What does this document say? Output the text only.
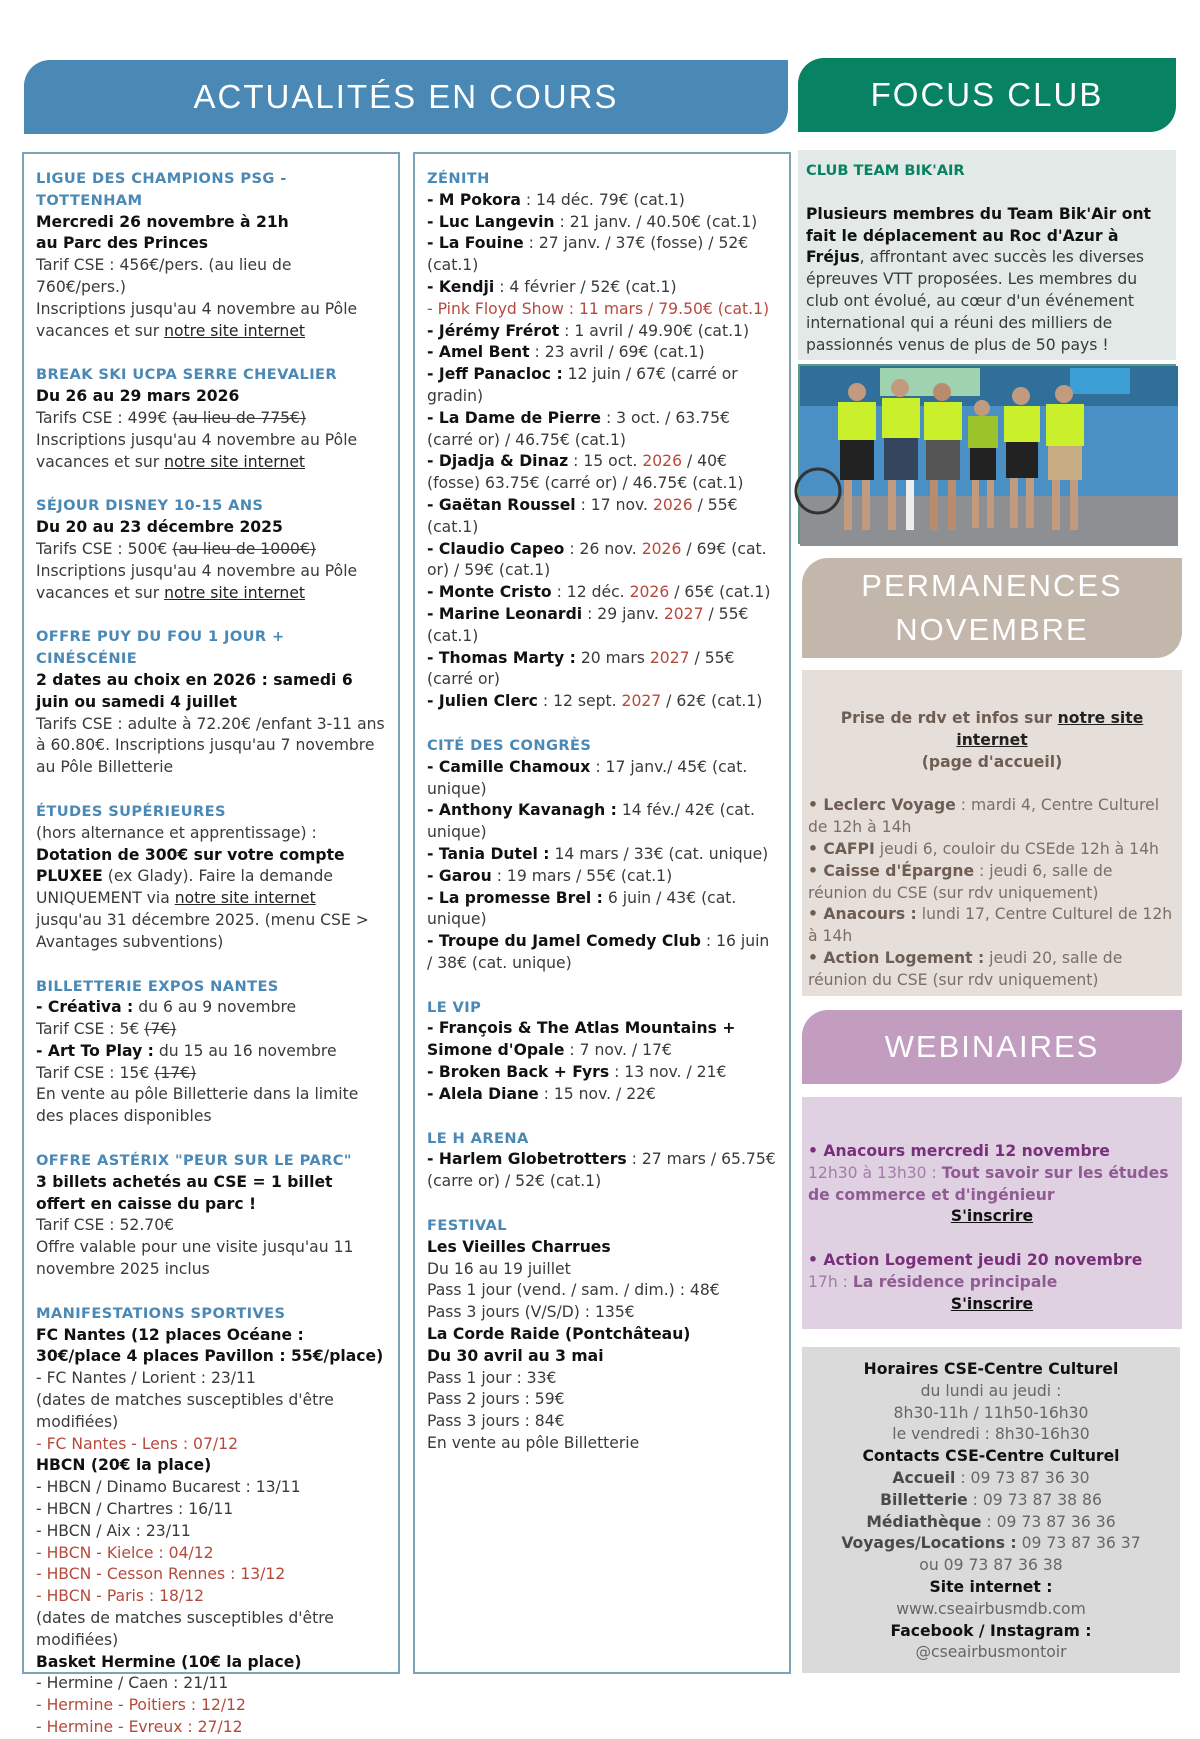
ACTUALITÉS EN COURS	FOCUS CLUB
LIGUE DES CHAMPIONS PSG - TOTTENHAM
Mercredi 26 novembre à 21h
au Parc des Princes
Tarif CSE : 456€/pers. (au lieu de 760€/pers.)
Inscriptions jusqu'au 4 novembre au Pôle vacances et sur notre site internet
BREAK SKI UCPA SERRE CHEVALIER
Du 26 au 29 mars 2026
Tarifs CSE : 499€ (au lieu de 775€)
Inscriptions jusqu'au 4 novembre au Pôle vacances et sur notre site internet
SÉJOUR DISNEY 10-15 ANS
Du 20 au 23 décembre 2025
Tarifs CSE : 500€ (au lieu de 1000€)
Inscriptions jusqu'au 4 novembre au Pôle vacances et sur notre site internet
OFFRE PUY DU FOU 1 JOUR + CINÉSCÉNIE
2 dates au choix en 2026 : samedi 6 juin ou samedi 4 juillet
Tarifs CSE : adulte à 72.20€ /enfant 3-11 ans à 60.80€. Inscriptions jusqu'au 7 novembre au Pôle Billetterie
ÉTUDES SUPÉRIEURES
(hors alternance et apprentissage) :
Dotation de 300€ sur votre compte PLUXEE (ex Glady). Faire la demande UNIQUEMENT via notre site internet jusqu'au 31 décembre 2025. (menu CSE > Avantages subventions)
BILLETTERIE EXPOS NANTES
- Créativa : du 6 au 9 novembre
Tarif CSE : 5€ (7€)
- Art To Play : du 15 au 16 novembre
Tarif CSE : 15€ (17€)
En vente au pôle Billetterie dans la limite des places disponibles
OFFRE ASTÉRIX "PEUR SUR LE PARC"
3 billets achetés au CSE = 1 billet offert en caisse du parc !
Tarif CSE : 52.70€
Offre valable pour une visite jusqu'au 11 novembre 2025 inclus
MANIFESTATIONS SPORTIVES
FC Nantes (12 places Océane : 30€/place 4 places Pavillon : 55€/place)
- FC Nantes / Lorient : 23/11
(dates de matches susceptibles d'être modifiées)
- FC Nantes - Lens : 07/12
HBCN (20€ la place)
- HBCN / Dinamo Bucarest : 13/11
- HBCN / Chartres : 16/11
- HBCN / Aix : 23/11
- HBCN - Kielce : 04/12
- HBCN - Cesson Rennes : 13/12
- HBCN - Paris : 18/12
(dates de matches susceptibles d'être modifiées)
Basket Hermine (10€ la place)
- Hermine / Caen : 21/11
- Hermine - Poitiers : 12/12
- Hermine - Evreux : 27/12
ZÉNITH
- M Pokora : 14 déc. 79€ (cat.1)
- Luc Langevin : 21 janv. / 40.50€ (cat.1)
- La Fouine : 27 janv. / 37€ (fosse) / 52€ (cat.1)
- Kendji : 4 février / 52€ (cat.1)
- Pink Floyd Show : 11 mars / 79.50€ (cat.1)
- Jérémy Frérot : 1 avril / 49.90€ (cat.1)
- Amel Bent : 23 avril / 69€ (cat.1)
- Jeff Panacloc : 12 juin / 67€ (carré or gradin)
- La Dame de Pierre : 3 oct. / 63.75€ (carré or) / 46.75€ (cat.1)
- Djadja & Dinaz : 15 oct. 2026 / 40€ (fosse) 63.75€ (carré or) / 46.75€ (cat.1)
- Gaëtan Roussel : 17 nov. 2026 / 55€ (cat.1)
- Claudio Capeo : 26 nov. 2026 / 69€ (cat. or) / 59€ (cat.1)
- Monte Cristo : 12 déc. 2026 / 65€ (cat.1)
- Marine Leonardi : 29 janv. 2027 / 55€ (cat.1)
- Thomas Marty : 20 mars 2027 / 55€ (carré or)
- Julien Clerc : 12 sept. 2027 / 62€ (cat.1)
CITÉ DES CONGRÈS
- Camille Chamoux : 17 janv./ 45€ (cat. unique)
- Anthony Kavanagh : 14 fév./ 42€ (cat. unique)
- Tania Dutel : 14 mars / 33€ (cat. unique)
- Garou : 19 mars / 55€ (cat.1)
- La promesse Brel : 6 juin / 43€ (cat. unique)
- Troupe du Jamel Comedy Club : 16 juin / 38€ (cat. unique)
LE VIP
- François & The Atlas Mountains + Simone d'Opale : 7 nov. / 17€
- Broken Back + Fyrs : 13 nov. / 21€
- Alela Diane : 15 nov. / 22€
LE H ARENA
- Harlem Globetrotters : 27 mars / 65.75€ (carre or) / 52€ (cat.1)
FESTIVAL
Les Vieilles Charrues
Du 16 au 19 juillet
Pass 1 jour (vend. / sam. / dim.) : 48€
Pass 3 jours (V/S/D) : 135€
La Corde Raide (Pontchâteau)
Du 30 avril au 3 mai
Pass 1 jour : 33€
Pass 2 jours : 59€
Pass 3 jours : 84€
En vente au pôle Billetterie
CLUB TEAM BIK'AIR
Plusieurs membres du Team Bik'Air ont fait le déplacement au Roc d'Azur à Fréjus, affrontant avec succès les diverses épreuves VTT proposées. Les membres du club ont évolué, au cœur d'un événement international qui a réuni des milliers de passionnés venus de plus de 50 pays !
PERMANENCES
NOVEMBRE
Prise de rdv et infos sur notre site internet
(page d'accueil)
• Leclerc Voyage : mardi 4, Centre Culturel de 12h à 14h
• CAFPI jeudi 6, couloir du CSEde 12h à 14h
• Caisse d'Épargne : jeudi 6, salle de réunion du CSE (sur rdv uniquement)
• Anacours : lundi 17, Centre Culturel de 12h à 14h
• Action Logement : jeudi 20, salle de réunion du CSE (sur rdv uniquement)
WEBINAIRES
• Anacours mercredi 12 novembre
12h30 à 13h30 : Tout savoir sur les études de commerce et d'ingénieur
S'inscrire
• Action Logement jeudi 20 novembre
17h : La résidence principale
S'inscrire
Horaires CSE-Centre Culturel
du lundi au jeudi :
8h30-11h / 11h50-16h30
le vendredi : 8h30-16h30
Contacts CSE-Centre Culturel
Accueil : 09 73 87 36 30
Billetterie : 09 73 87 38 86
Médiathèque : 09 73 87 36 36
Voyages/Locations : 09 73 87 36 37
ou 09 73 87 36 38
Site internet :
www.cseairbusmdb.com
Facebook / Instagram :
@cseairbusmontoir
